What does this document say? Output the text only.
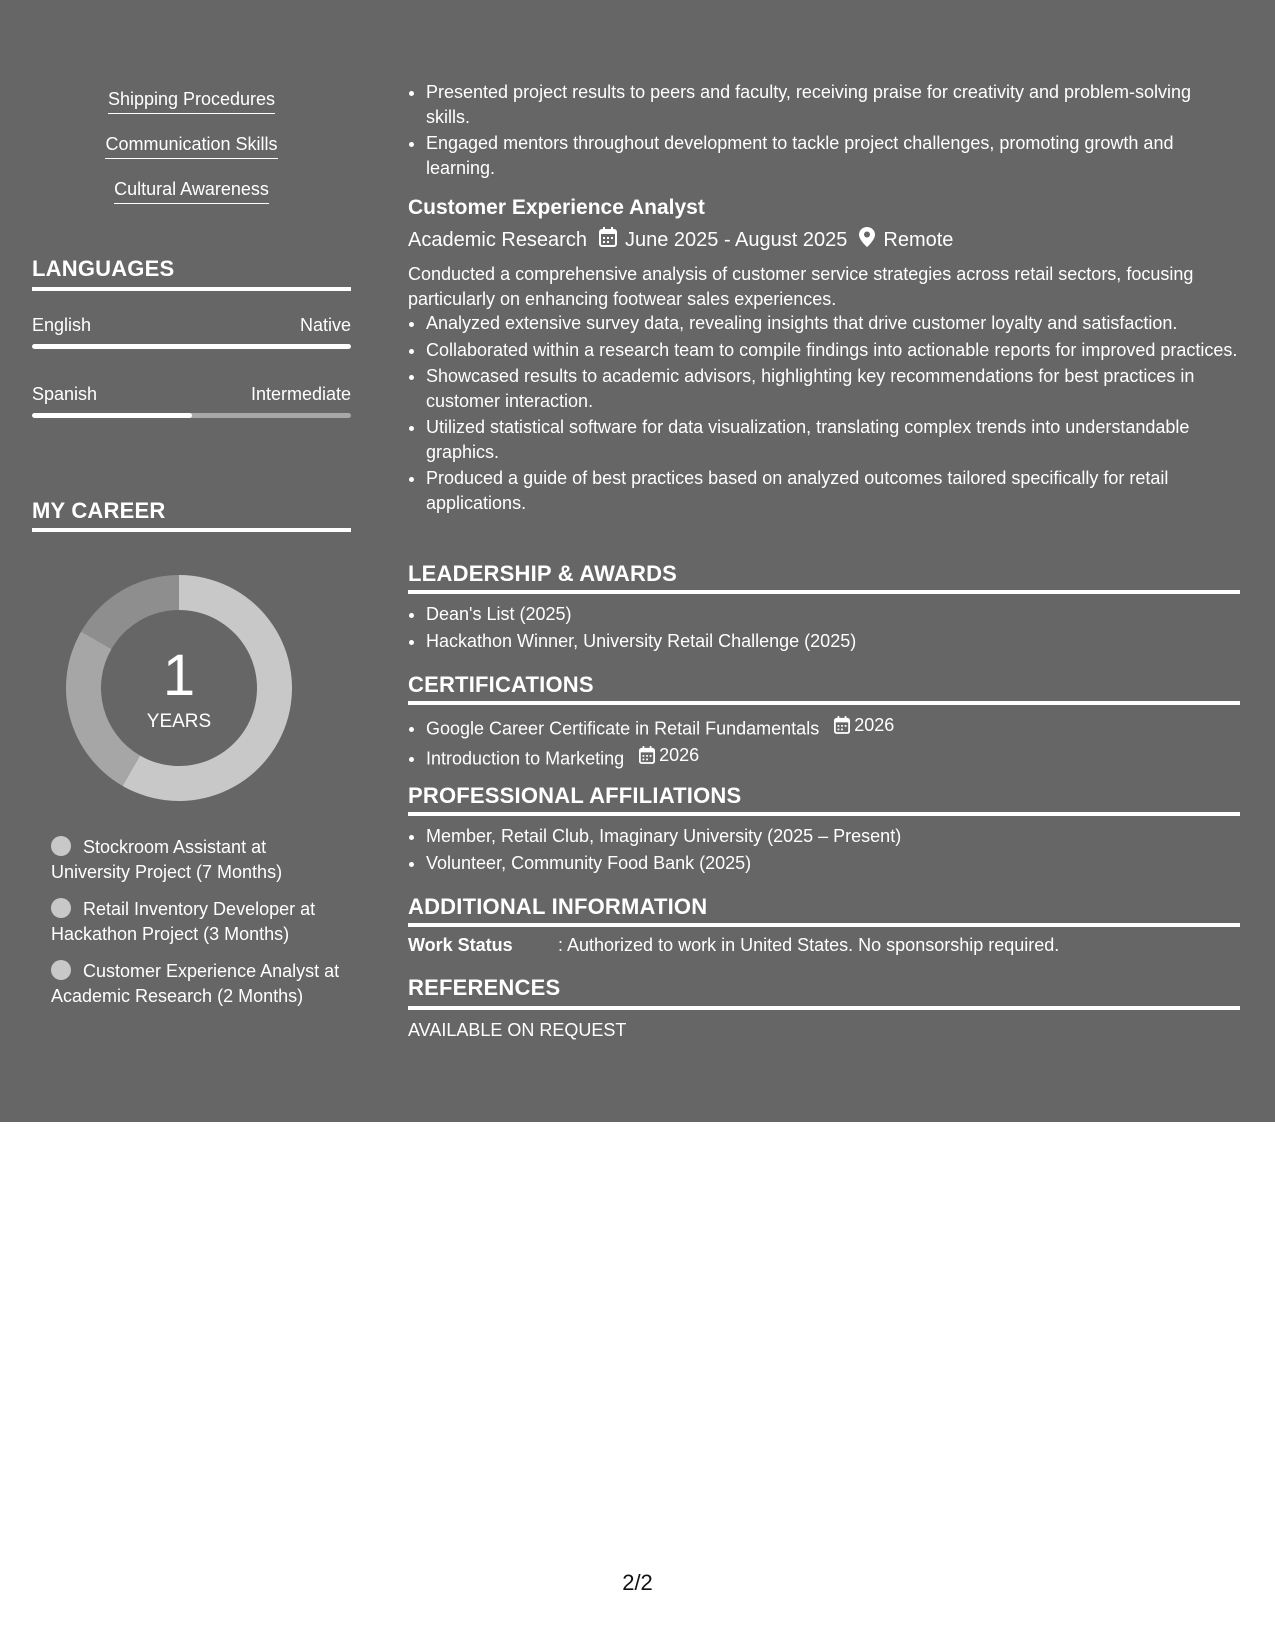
Shipping Procedures
Communication Skills
Cultural Awareness
LANGUAGES
English	Native
Spanish	Intermediate
MY CAREER
1
YEARS
Stockroom Assistant at University Project (7 Months)
Retail Inventory Developer at Hackathon Project (3 Months)
Customer Experience Analyst at Academic Research (2 Months)
• Presented project results to peers and faculty, receiving praise for creativity and problem-solving skills.
• Engaged mentors throughout development to tackle project challenges, promoting growth and learning.
Customer Experience Analyst
Academic Research June 2025 - August 2025 Remote

Conducted a comprehensive analysis of customer service strategies across retail sectors, focusing particularly on enhancing footwear sales experiences.

• Analyzed extensive survey data, revealing insights that drive customer loyalty and satisfaction.
• Collaborated within a research team to compile findings into actionable reports for improved practices.
• Showcased results to academic advisors, highlighting key recommendations for best practices in customer interaction.
• Utilized statistical software for data visualization, translating complex trends into understandable graphics.
• Produced a guide of best practices based on analyzed outcomes tailored specifically for retail applications.
LEADERSHIP & AWARDS
• Dean's List (2025)
• Hackathon Winner, University Retail Challenge (2025)
CERTIFICATIONS
• Google Career Certificate in Retail Fundamentals 2026
• Introduction to Marketing 2026
PROFESSIONAL AFFILIATIONS
• Member, Retail Club, Imaginary University (2025 – Present)
• Volunteer, Community Food Bank (2025)
ADDITIONAL INFORMATION
Work Status	: Authorized to work in United States. No sponsorship required.
REFERENCES
AVAILABLE ON REQUEST
2/2
